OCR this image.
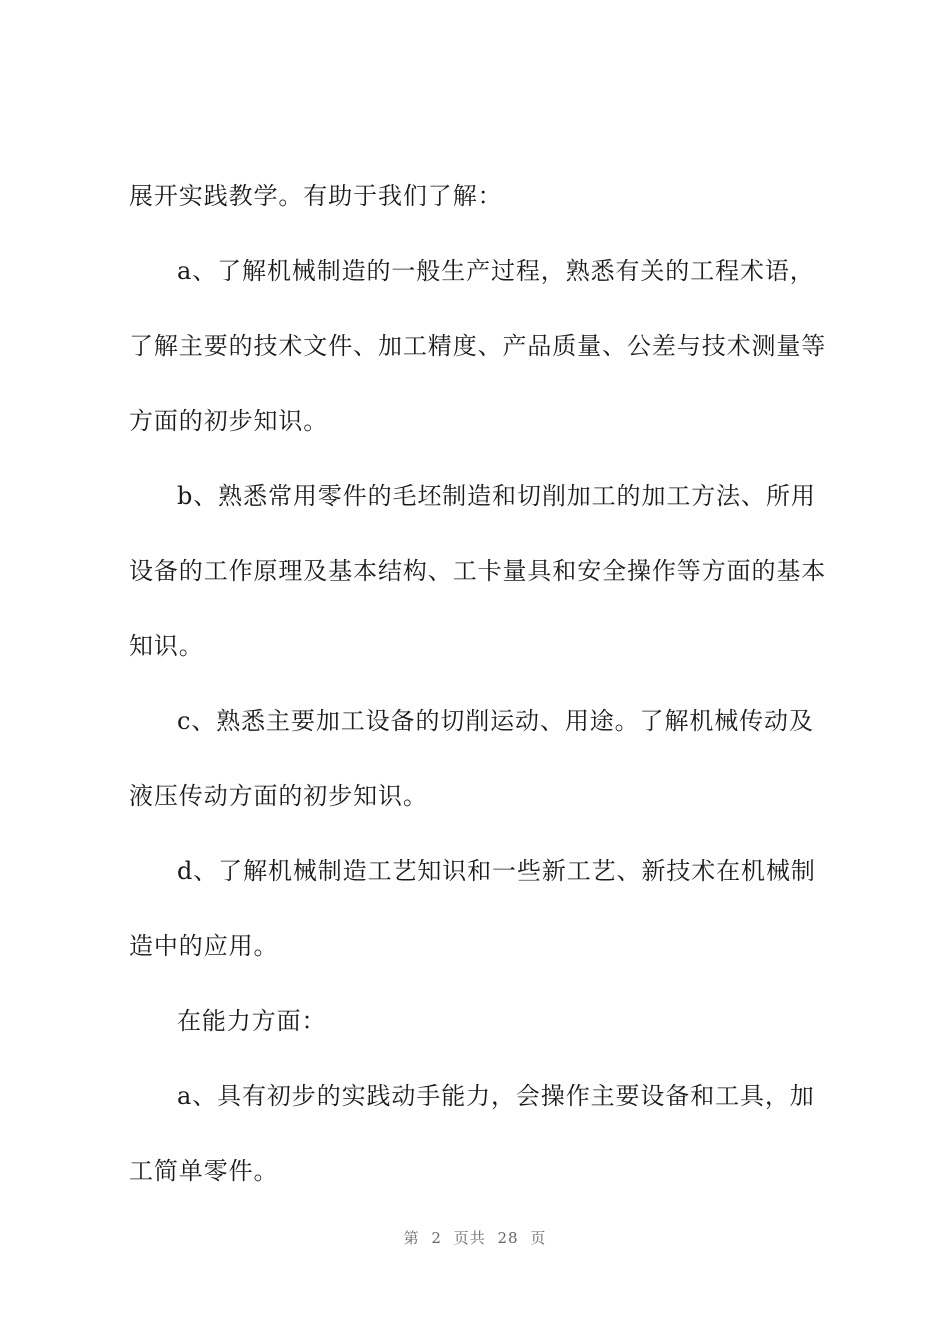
展开实践教学。有助于我们了解：
a、了解机械制造的一般生产过程，熟悉有关的工程术语，
了解主要的技术文件、加工精度、产品质量、公差与技术测量等
方面的初步知识。
b、熟悉常用零件的毛坯制造和切削加工的加工方法、所用
设备的工作原理及基本结构、工卡量具和安全操作等方面的基本
知识。
c、熟悉主要加工设备的切削运动、用途。了解机械传动及
液压传动方面的初步知识。
d、了解机械制造工艺知识和一些新工艺、新技术在机械制
造中的应用。
在能力方面：
a、具有初步的实践动手能力，会操作主要设备和工具，加
工简单零件。
第 2 页共 28 页
